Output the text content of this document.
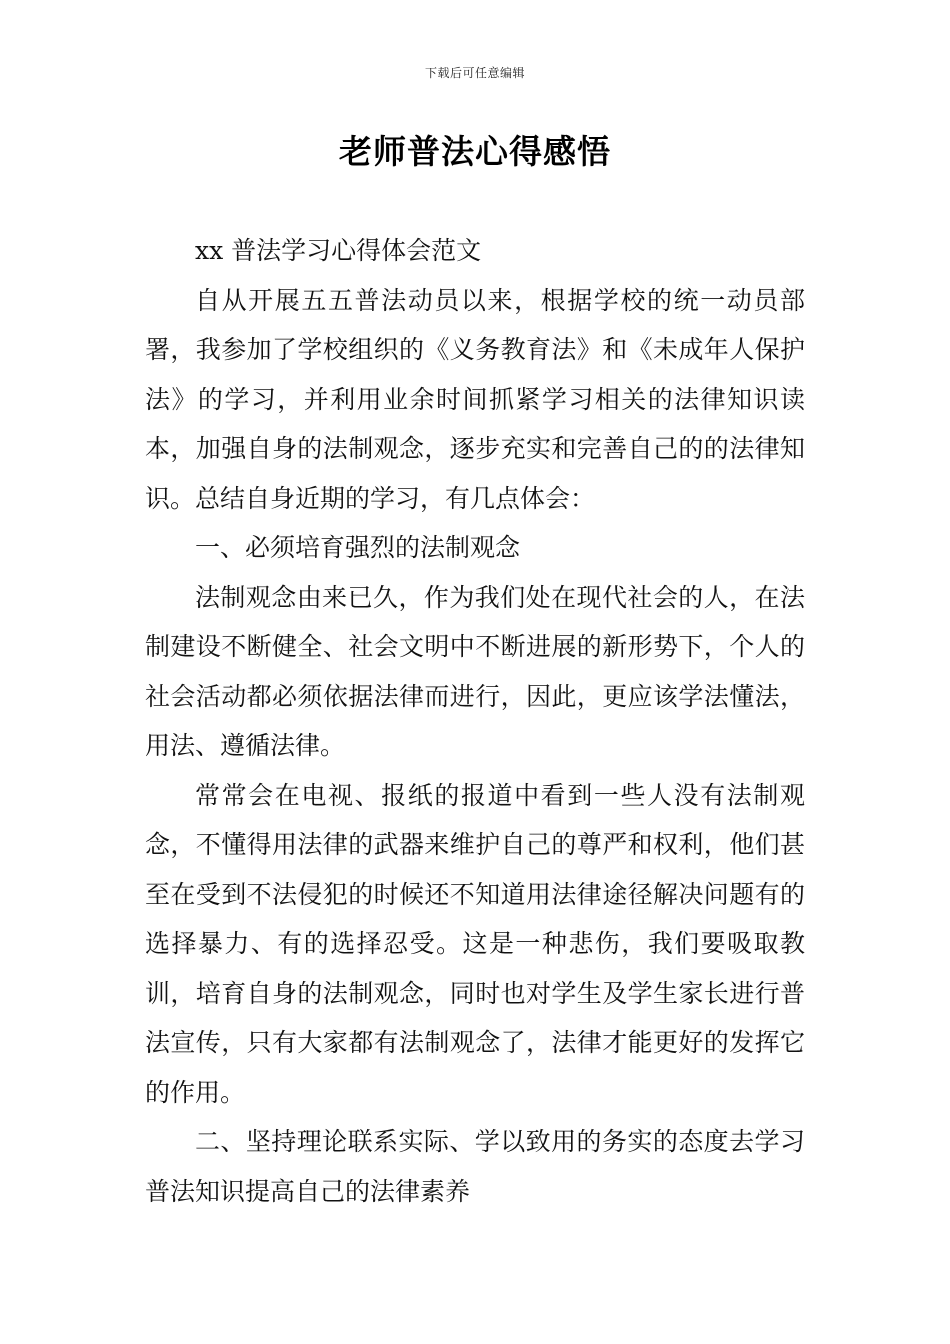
下载后可任意编辑
老师普法心得感悟

xx 普法学习心得体会范文

自从开展五五普法动员以来，根据学校的统一动员部署，我参加了学校组织的《义务教育法》和《未成年人保护法》的学习，并利用业余时间抓紧学习相关的法律知识读本，加强自身的法制观念，逐步充实和完善自己的的法律知识。总结自身近期的学习，有几点体会：

一、必须培育强烈的法制观念

法制观念由来已久，作为我们处在现代社会的人，在法制建设不断健全、社会文明中不断进展的新形势下，个人的社会活动都必须依据法律而进行，因此，更应该学法懂法，用法、遵循法律。

常常会在电视、报纸的报道中看到一些人没有法制观念，不懂得用法律的武器来维护自己的尊严和权利，他们甚至在受到不法侵犯的时候还不知道用法律途径解决问题有的选择暴力、有的选择忍受。这是一种悲伤，我们要吸取教训，培育自身的法制观念，同时也对学生及学生家长进行普法宣传，只有大家都有法制观念了，法律才能更好的发挥它的作用。

二、坚持理论联系实际、学以致用的务实的态度去学习普法知识提高自己的法律素养
